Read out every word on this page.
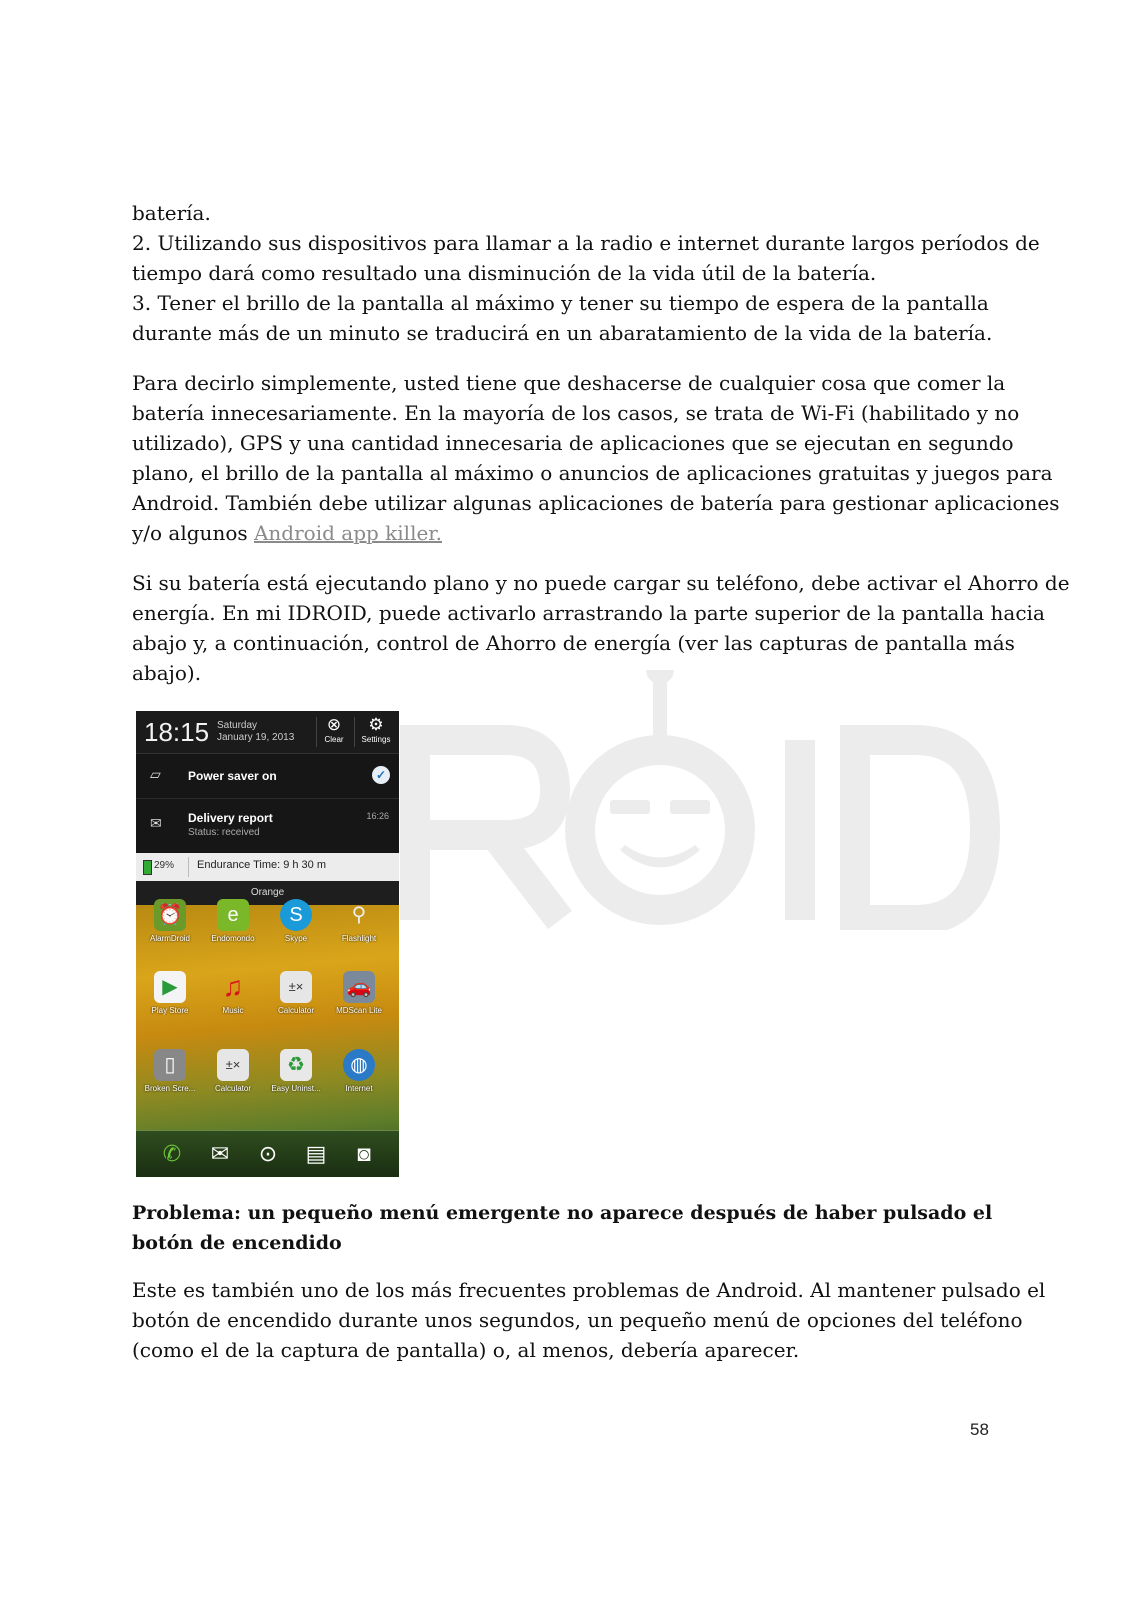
batería.
2. Utilizando sus dispositivos para llamar a la radio e internet durante largos períodos de
tiempo dará como resultado una disminución de la vida útil de la batería.
3. Tener el brillo de la pantalla al máximo y tener su tiempo de espera de la pantalla
durante más de un minuto se traducirá en un abaratamiento de la vida de la batería.

Para decirlo simplemente, usted tiene que deshacerse de cualquier cosa que comer la
batería innecesariamente. En la mayoría de los casos, se trata de Wi-Fi (habilitado y no
utilizado), GPS y una cantidad innecesaria de aplicaciones que se ejecutan en segundo
plano, el brillo de la pantalla al máximo o anuncios de aplicaciones gratuitas y juegos para
Android. También debe utilizar algunas aplicaciones de batería para gestionar aplicaciones
y/o algunos Android app killer.

Si su batería está ejecutando plano y no puede cargar su teléfono, debe activar el Ahorro de
energía. En mi IDROID, puede activarlo arrastrando la parte superior de la pantalla hacia
abajo y, a continuación, control de Ahorro de energía (ver las capturas de pantalla más
abajo).

18:15 Saturday
January 19, 2013
⊗
Clear
⚙
Settings
▱ Power saver on	✓
✉ Delivery report
Status: received
16:26
29% Endurance Time: 9 h 30 m
Orange
⏰
AlarmDroid
e
Endomondo
S
Skype
⚲
Flashlight
▶
Play Store
♫
Music
±×
Calculator
🚗
MDScan Lite
▯
Broken Scre...
±×
Calculator
♻
Easy Uninst...
◍
Internet
✆	✉	⊙	▤	◙

Problema: un pequeño menú emergente no aparece después de haber pulsado el
botón de encendido

Este es también uno de los más frecuentes problemas de Android. Al mantener pulsado el
botón de encendido durante unos segundos, un pequeño menú de opciones del teléfono
(como el de la captura de pantalla) o, al menos, debería aparecer.

58
